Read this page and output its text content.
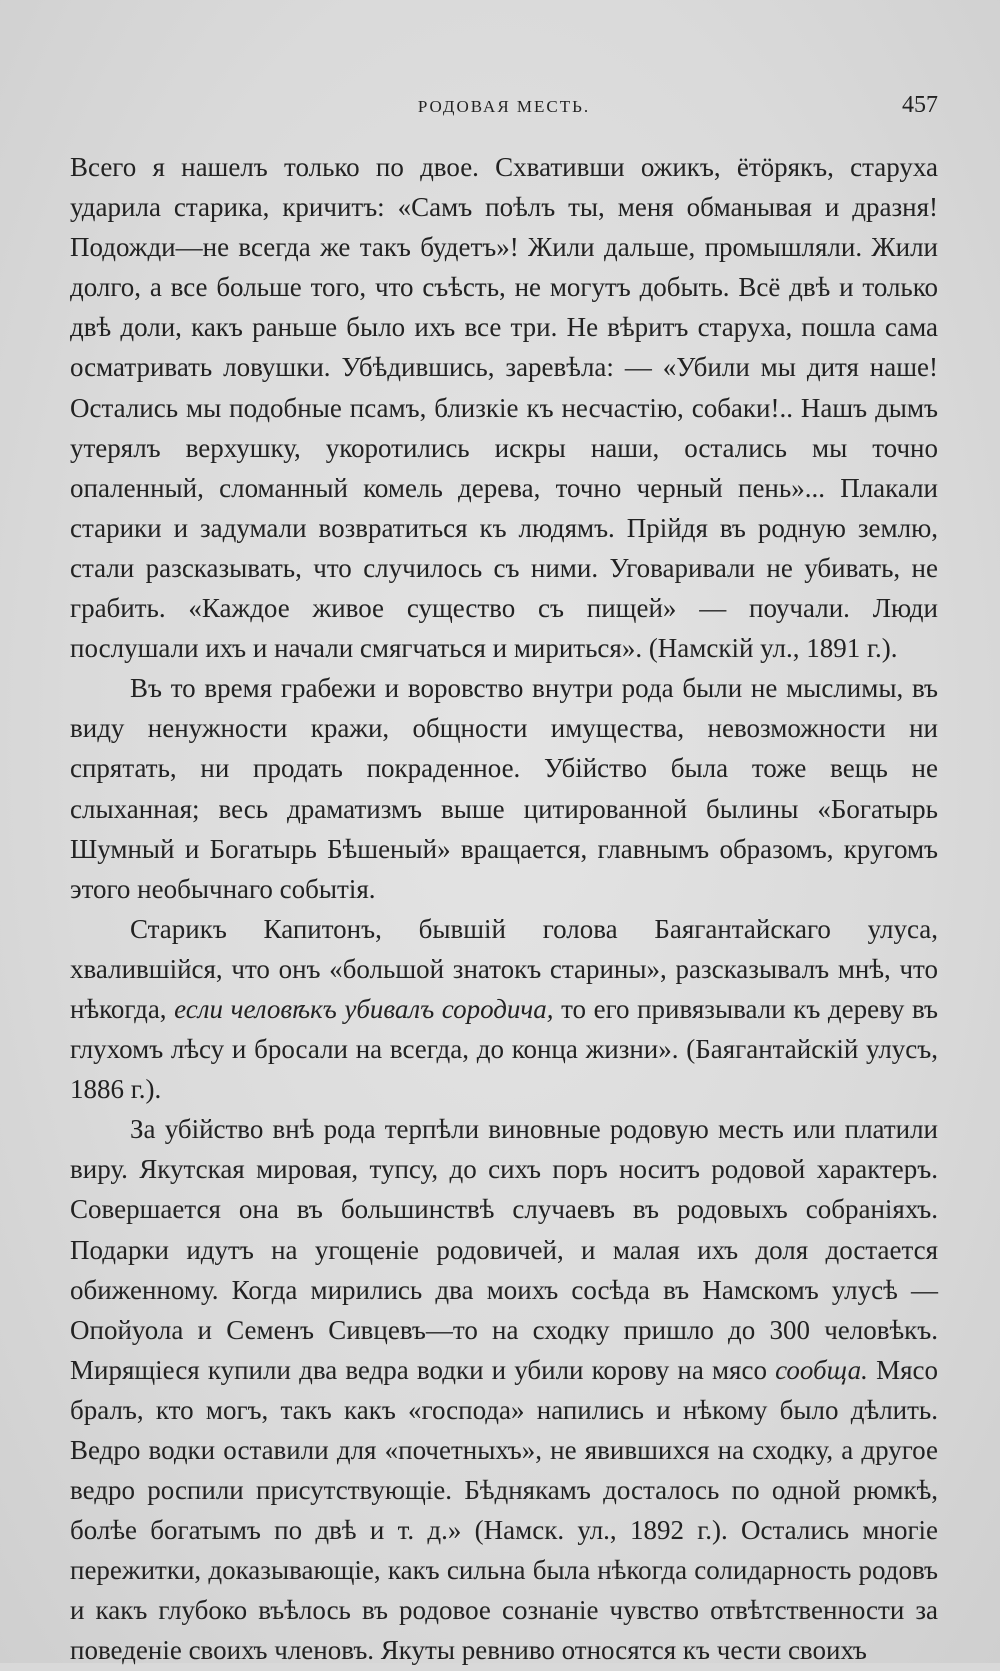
РОДОВАЯ МЕСТЬ.	457

Всего я нашелъ только по двое. Схвативши ожикъ, ётöрякъ, старуха ударила старика, кричитъ: «Самъ поѣлъ ты, меня обманывая и дразня! Подожди—не всегда же такъ будетъ»! Жили дальше, промышляли. Жили долго, а все больше того, что съѣсть, не могутъ добыть. Всё двѣ и только двѣ доли, какъ раньше было ихъ все три. Не вѣритъ старуха, пошла сама осматривать ловушки. Убѣдившись, заревѣла: — «Убили мы дитя наше! Остались мы подобные псамъ, близкіе къ несчастію, собаки!.. Нашъ дымъ утерялъ верхушку, укоротились искры наши, остались мы точно опаленный, сломанный комель дерева, точно черный пень»... Плакали старики и задумали возвратиться къ людямъ. Прійдя въ родную землю, стали разсказывать, что случилось съ ними. Уговаривали не убивать, не грабить. «Каждое живое существо съ пищей» — поучали. Люди послушали ихъ и начали смягчаться и мириться». (Намскій ул., 1891 г.).

Въ то время грабежи и воровство внутри рода были не мыслимы, въ виду ненужности кражи, общности имущества, невозможности ни спрятать, ни продать покраденное. Убійство была тоже вещь не слыханная; весь драматизмъ выше цитированной былины «Богатырь Шумный и Богатырь Бѣшеный» вращается, главнымъ образомъ, кругомъ этого необычнаго событія.

Старикъ Капитонъ, бывшій голова Баягантайскаго улуса, хвалившійся, что онъ «большой знатокъ старины», разсказывалъ мнѣ, что нѣкогда, если человѣкъ убивалъ сородича, то его привязывали къ дереву въ глухомъ лѣсу и бросали на всегда, до конца жизни». (Баягантайскій улусъ, 1886 г.).

За убійство внѣ рода терпѣли виновные родовую месть или платили виру. Якутская мировая, тупсу, до сихъ поръ носитъ родовой характеръ. Совершается она въ большинствѣ случаевъ въ родовыхъ собраніяхъ. Подарки идутъ на угощеніе родовичей, и малая ихъ доля достается обиженному. Когда мирились два моихъ сосѣда въ Намскомъ улусѣ — Опойуола и Семенъ Сивцевъ—то на сходку пришло до 300 человѣкъ. Мирящіеся купили два ведра водки и убили корову на мясо сообща. Мясо бралъ, кто могъ, такъ какъ «господа» напились и нѣкому было дѣлить. Ведро водки оставили для «почетныхъ», не явившихся на сходку, а другое ведро роспили присутствующіе. Бѣднякамъ досталось по одной рюмкѣ, болѣе богатымъ по двѣ и т. д.» (Намск. ул., 1892 г.). Остались многіе пережитки, доказывающіе, какъ сильна была нѣкогда солидарность родовъ и какъ глубоко въѣлось въ родовое сознаніе чувство отвѣтственности за поведеніе своихъ членовъ. Якуты ревниво относятся къ чести своихъ
